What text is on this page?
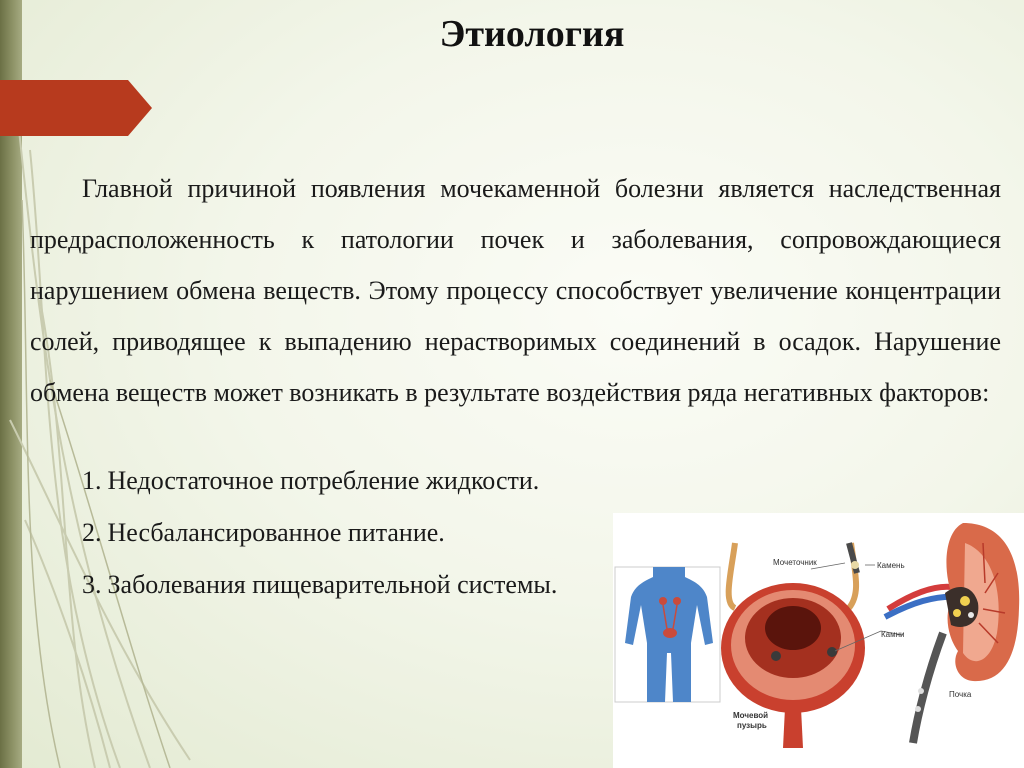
Этиология

Главной причиной появления мочекаменной болезни является наследственная предрасположенность к патологии почек и заболевания, сопровождающиеся нарушением обмена веществ. Этому процессу способствует увеличение концентрации солей, приводящее к выпадению нерастворимых соединений в осадок. Нарушение обмена веществ может возникать в результате воздействия ряда негативных факторов:

1. Недостаточное потребление жидкости.
2. Несбалансированное питание.
3. Заболевания пищеварительной системы.
Мочеточник	Камень
Камни
Почка
Мочевой
пузырь
